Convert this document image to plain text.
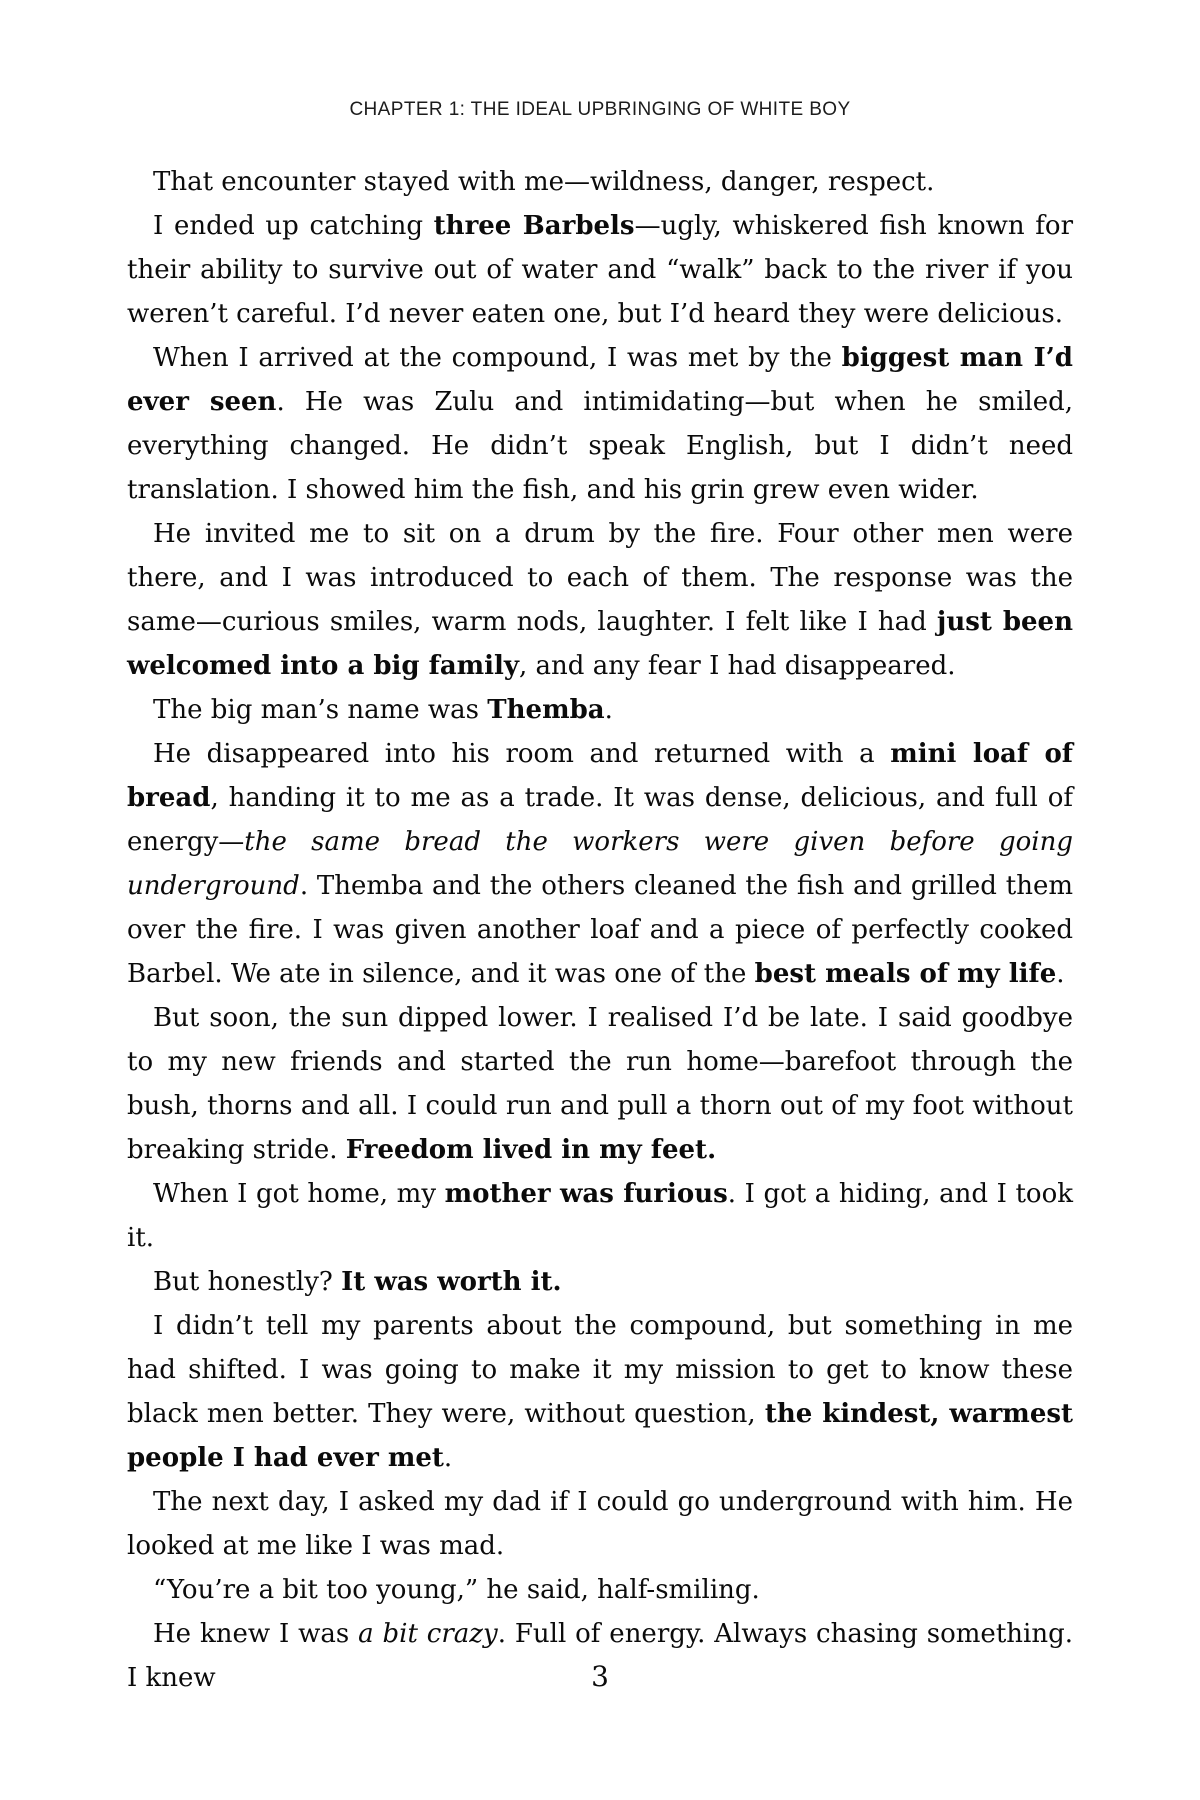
CHAPTER 1: THE IDEAL UPBRINGING OF WHITE BOY

That encounter stayed with me—wildness, danger, respect.

I ended up catching three Barbels—ugly, whiskered fish known for their ability to survive out of water and “walk” back to the river if you weren’t careful. I’d never eaten one, but I’d heard they were delicious.

When I arrived at the compound, I was met by the biggest man I’d ever seen. He was Zulu and intimidating—but when he smiled, everything changed. He didn’t speak English, but I didn’t need translation. I showed him the fish, and his grin grew even wider.

He invited me to sit on a drum by the fire. Four other men were there, and I was introduced to each of them. The response was the same—curious smiles, warm nods, laughter. I felt like I had just been welcomed into a big family, and any fear I had disappeared.

The big man’s name was Themba.

He disappeared into his room and returned with a mini loaf of bread, handing it to me as a trade. It was dense, delicious, and full of energy—the same bread the workers were given before going underground. Themba and the others cleaned the fish and grilled them over the fire. I was given another loaf and a piece of perfectly cooked Barbel. We ate in silence, and it was one of the best meals of my life.

But soon, the sun dipped lower. I realised I’d be late. I said goodbye to my new friends and started the run home—barefoot through the bush, thorns and all. I could run and pull a thorn out of my foot without breaking stride. Freedom lived in my feet.

When I got home, my mother was furious. I got a hiding, and I took it.

But honestly? It was worth it.

I didn’t tell my parents about the compound, but something in me had shifted. I was going to make it my mission to get to know these black men better. They were, without question, the kindest, warmest people I had ever met.

The next day, I asked my dad if I could go underground with him. He looked at me like I was mad.

“You’re a bit too young,” he said, half-smiling.

He knew I was a bit crazy. Full of energy. Always chasing something. I knew	3
